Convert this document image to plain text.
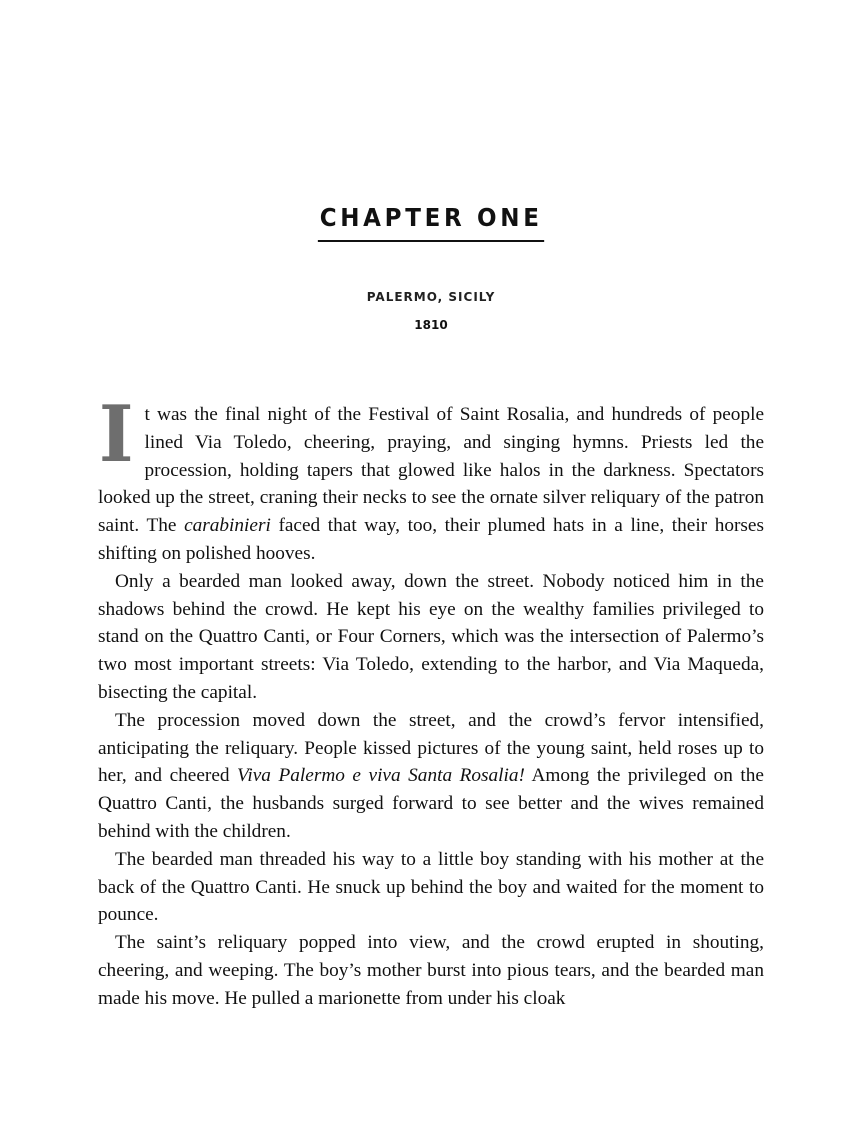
CHAPTER ONE
PALERMO, SICILY
1810

It was the final night of the Festival of Saint Rosalia, and hundreds of people lined Via Toledo, cheering, praying, and singing hymns. Priests led the procession, holding tapers that glowed like halos in the darkness. Spectators looked up the street, craning their necks to see the ornate silver reliquary of the patron saint. The carabinieri faced that way, too, their plumed hats in a line, their horses shifting on polished hooves.

Only a bearded man looked away, down the street. Nobody noticed him in the shadows behind the crowd. He kept his eye on the wealthy families privileged to stand on the Quattro Canti, or Four Corners, which was the intersection of Palermo’s two most important streets: Via Toledo, extending to the harbor, and Via Maqueda, bisecting the capital.

The procession moved down the street, and the crowd’s fervor intensified, anticipating the reliquary. People kissed pictures of the young saint, held roses up to her, and cheered Viva Palermo e viva Santa Rosalia! Among the privileged on the Quattro Canti, the husbands surged forward to see better and the wives remained behind with the children.

The bearded man threaded his way to a little boy standing with his mother at the back of the Quattro Canti. He snuck up behind the boy and waited for the moment to pounce.

The saint’s reliquary popped into view, and the crowd erupted in shouting, cheering, and weeping. The boy’s mother burst into pious tears, and the bearded man made his move. He pulled a marionette from under his cloak
